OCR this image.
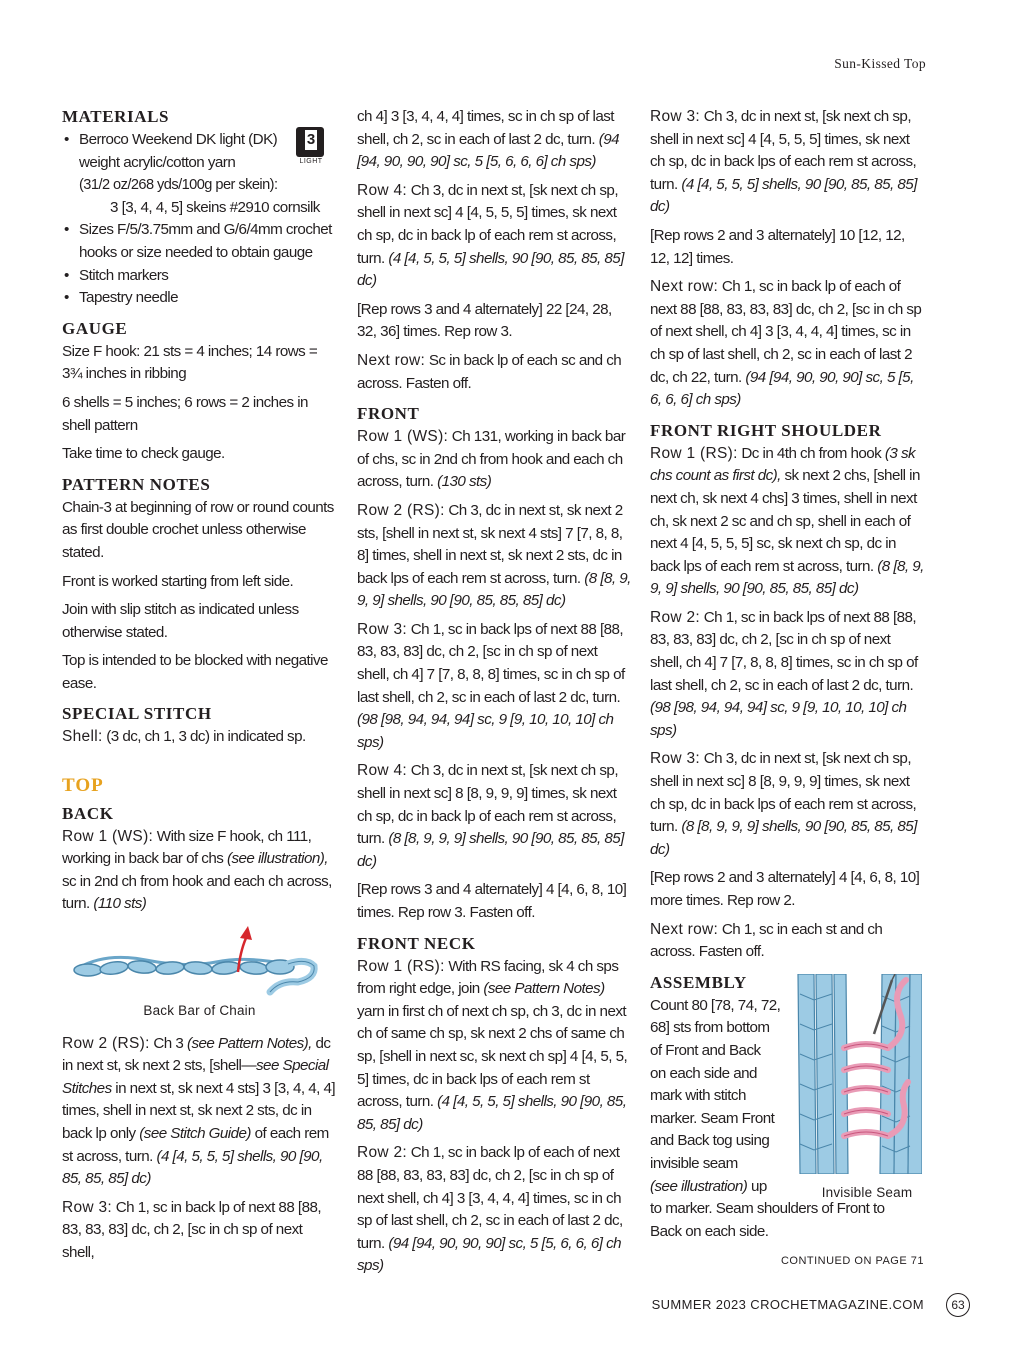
Sun-Kissed Top
3
LIGHT
MATERIALS
• Berroco Weekend DK light (DK)
weight acrylic/cotton yarn
(31/2 oz/268 yds/100g per skein):
3 [3, 4, 4, 5] skeins #2910 cornsilk
• Sizes F/5/3.75mm and G/6/4mm crochet hooks or size needed to obtain gauge
• Stitch markers
• Tapestry needle
GAUGE

Size F hook: 21 sts = 4 inches; 14 rows = 3¾ inches in ribbing

6 shells = 5 inches; 6 rows = 2 inches in shell pattern

Take time to check gauge.

PATTERN NOTES

Chain-3 at beginning of row or round counts as first double crochet unless otherwise stated.

Front is worked starting from left side.

Join with slip stitch as indicated unless otherwise stated.

Top is intended to be blocked with negative ease.

SPECIAL STITCH

Shell: (3 dc, ch 1, 3 dc) in indicated sp.

TOP
BACK

Row 1 (WS): With size F hook, ch 111, working in back bar of chs (see illustration), sc in 2nd ch from hook and each ch across, turn. (110 sts)

Back Bar of Chain

Row 2 (RS): Ch 3 (see Pattern Notes), dc in next st, sk next 2 sts, [shell—see Special Stitches in next st, sk next 4 sts] 3 [3, 4, 4, 4] times, shell in next st, sk next 2 sts, dc in back lp only (see Stitch Guide) of each rem st across, turn. (4 [4, 5, 5, 5] shells, 90 [90, 85, 85, 85] dc)

Row 3: Ch 1, sc in back lp of next 88 [88, 83, 83, 83] dc, ch 2, [sc in ch sp of next shell,

ch 4] 3 [3, 4, 4, 4] times, sc in ch sp of last shell, ch 2, sc in each of last 2 dc, turn. (94 [94, 90, 90, 90] sc, 5 [5, 6, 6, 6] ch sps)

Row 4: Ch 3, dc in next st, [sk next ch sp, shell in next sc] 4 [4, 5, 5, 5] times, sk next ch sp, dc in back lp of each rem st across, turn. (4 [4, 5, 5, 5] shells, 90 [90, 85, 85, 85] dc)

[Rep rows 3 and 4 alternately] 22 [24, 28, 32, 36] times. Rep row 3.

Next row: Sc in back lp of each sc and ch across. Fasten off.

FRONT

Row 1 (WS): Ch 131, working in back bar of chs, sc in 2nd ch from hook and each ch across, turn. (130 sts)

Row 2 (RS): Ch 3, dc in next st, sk next 2 sts, [shell in next st, sk next 4 sts] 7 [7, 8, 8, 8] times, shell in next st, sk next 2 sts, dc in back lps of each rem st across, turn. (8 [8, 9, 9, 9] shells, 90 [90, 85, 85, 85] dc)

Row 3: Ch 1, sc in back lps of next 88 [88, 83, 83, 83] dc, ch 2, [sc in ch sp of next shell, ch 4] 7 [7, 8, 8, 8] times, sc in ch sp of last shell, ch 2, sc in each of last 2 dc, turn. (98 [98, 94, 94, 94] sc, 9 [9, 10, 10, 10] ch sps)

Row 4: Ch 3, dc in next st, [sk next ch sp, shell in next sc] 8 [8, 9, 9, 9] times, sk next ch sp, dc in back lp of each rem st across, turn. (8 [8, 9, 9, 9] shells, 90 [90, 85, 85, 85] dc)

[Rep rows 3 and 4 alternately] 4 [4, 6, 8, 10] times. Rep row 3. Fasten off.

FRONT NECK

Row 1 (RS): With RS facing, sk 4 ch sps from right edge, join (see Pattern Notes) yarn in first ch of next ch sp, ch 3, dc in next ch of same ch sp, sk next 2 chs of same ch sp, [shell in next sc, sk next ch sp] 4 [4, 5, 5, 5] times, dc in back lps of each rem st across, turn. (4 [4, 5, 5, 5] shells, 90 [90, 85, 85, 85] dc)

Row 2: Ch 1, sc in back lp of each of next 88 [88, 83, 83, 83] dc, ch 2, [sc in ch sp of next shell, ch 4] 3 [3, 4, 4, 4] times, sc in ch sp of last shell, ch 2, sc in each of last 2 dc, turn. (94 [94, 90, 90, 90] sc, 5 [5, 6, 6, 6] ch sps)

Row 3: Ch 3, dc in next st, [sk next ch sp, shell in next sc] 4 [4, 5, 5, 5] times, sk next ch sp, dc in back lps of each rem st across, turn. (4 [4, 5, 5, 5] shells, 90 [90, 85, 85, 85] dc)

[Rep rows 2 and 3 alternately] 10 [12, 12, 12, 12] times.

Next row: Ch 1, sc in back lp of each of next 88 [88, 83, 83, 83] dc, ch 2, [sc in ch sp of next shell, ch 4] 3 [3, 4, 4, 4] times, sc in ch sp of last shell, ch 2, sc in each of last 2 dc, ch 22, turn. (94 [94, 90, 90, 90] sc, 5 [5, 6, 6, 6] ch sps)

FRONT RIGHT SHOULDER

Row 1 (RS): Dc in 4th ch from hook (3 sk chs count as first dc), sk next 2 chs, [shell in next ch, sk next 4 chs] 3 times, shell in next ch, sk next 2 sc and ch sp, shell in each of next 4 [4, 5, 5, 5] sc, sk next ch sp, dc in back lps of each rem st across, turn. (8 [8, 9, 9, 9] shells, 90 [90, 85, 85, 85] dc)

Row 2: Ch 1, sc in back lps of next 88 [88, 83, 83, 83] dc, ch 2, [sc in ch sp of next shell, ch 4] 7 [7, 8, 8, 8] times, sc in ch sp of last shell, ch 2, sc in each of last 2 dc, turn. (98 [98, 94, 94, 94] sc, 9 [9, 10, 10, 10] ch sps)

Row 3: Ch 3, dc in next st, [sk next ch sp, shell in next sc] 8 [8, 9, 9, 9] times, sk next ch sp, dc in back lps of each rem st across, turn. (8 [8, 9, 9, 9] shells, 90 [90, 85, 85, 85] dc)

[Rep rows 2 and 3 alternately] 4 [4, 6, 8, 10] more times. Rep row 2.

Next row: Ch 1, sc in each st and ch across. Fasten off.

ASSEMBLY
Count 80 [78, 74, 72,
68] sts from bottom
of Front and Back
on each side and
mark with stitch
marker. Seam Front
and Back tog using
invisible seam
(see illustration) up
to marker. Seam shoulders of Front to
Back on each side.
Invisible Seam
CONTINUED ON PAGE 71
SUMMER 2023 CROCHETMAGAZINE.COM	63
